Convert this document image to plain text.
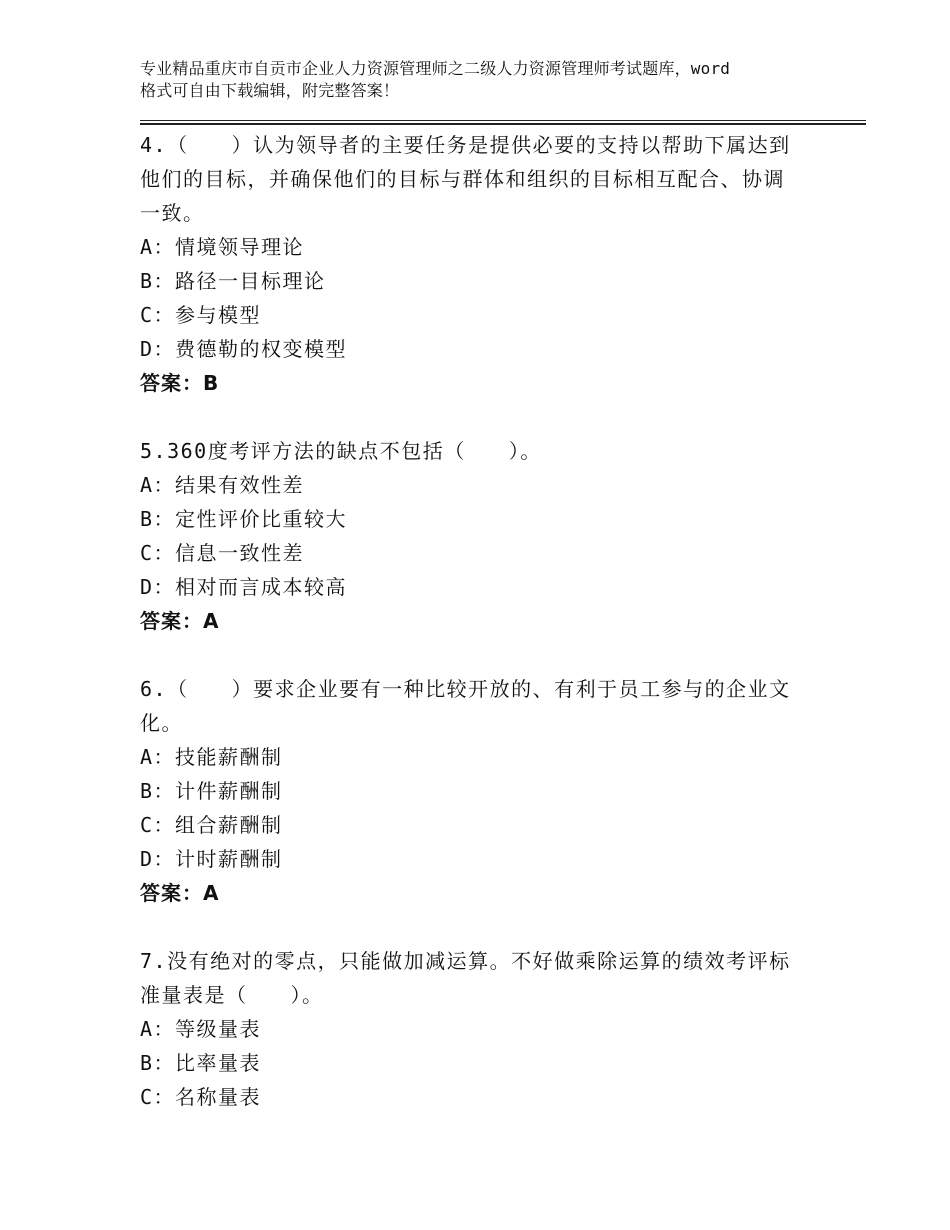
专业精品重庆市自贡市企业人力资源管理师之二级人力资源管理师考试题库，word
格式可自由下载编辑，附完整答案！

4.（　　）认为领导者的主要任务是提供必要的支持以帮助下属达到

他们的目标，并确保他们的目标与群体和组织的目标相互配合、协调

一致。

A：情境领导理论

B：路径一目标理论

C：参与模型

D：费德勒的权变模型

答案：B

5.360度考评方法的缺点不包括（　　）。

A：结果有效性差

B：定性评价比重较大

C：信息一致性差

D：相对而言成本较高

答案：A

6.（　　）要求企业要有一种比较开放的、有利于员工参与的企业文

化。

A：技能薪酬制

B：计件薪酬制

C：组合薪酬制

D：计时薪酬制

答案：A

7.没有绝对的零点，只能做加减运算。不好做乘除运算的绩效考评标

准量表是（　　）。

A：等级量表

B：比率量表

C：名称量表
